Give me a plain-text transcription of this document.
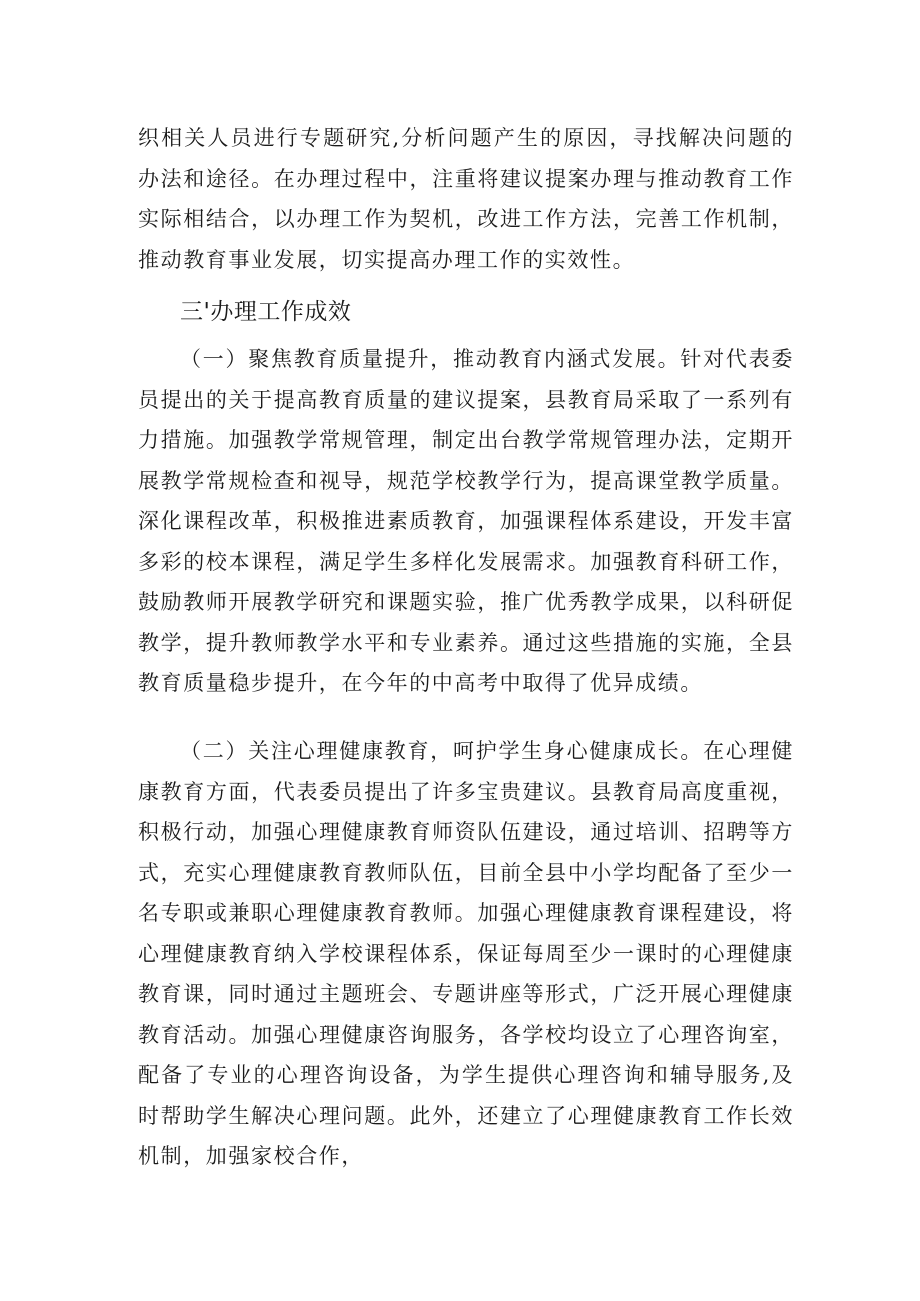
织相关人员进行专题研究,分析问题产生的原因，寻找解决问题的办法和途径。在办理过程中，注重将建议提案办理与推动教育工作实际相结合，以办理工作为契机，改进工作方法，完善工作机制，推动教育事业发展，切实提高办理工作的实效性。

三'办理工作成效

（一）聚焦教育质量提升，推动教育内涵式发展。针对代表委员提出的关于提高教育质量的建议提案，县教育局采取了一系列有力措施。加强教学常规管理，制定出台教学常规管理办法，定期开展教学常规检查和视导，规范学校教学行为，提高课堂教学质量。深化课程改革，积极推进素质教育，加强课程体系建设，开发丰富多彩的校本课程，满足学生多样化发展需求。加强教育科研工作，鼓励教师开展教学研究和课题实验，推广优秀教学成果，以科研促教学，提升教师教学水平和专业素养。通过这些措施的实施，全县教育质量稳步提升，在今年的中高考中取得了优异成绩。

（二）关注心理健康教育，呵护学生身心健康成长。在心理健康教育方面，代表委员提出了许多宝贵建议。县教育局高度重视，积极行动，加强心理健康教育师资队伍建设，通过培训、招聘等方式，充实心理健康教育教师队伍，目前全县中小学均配备了至少一名专职或兼职心理健康教育教师。加强心理健康教育课程建设，将心理健康教育纳入学校课程体系，保证每周至少一课时的心理健康教育课，同时通过主题班会、专题讲座等形式，广泛开展心理健康教育活动。加强心理健康咨询服务，各学校均设立了心理咨询室，配备了专业的心理咨询设备，为学生提供心理咨询和辅导服务,及时帮助学生解决心理问题。此外，还建立了心理健康教育工作长效机制，加强家校合作，
